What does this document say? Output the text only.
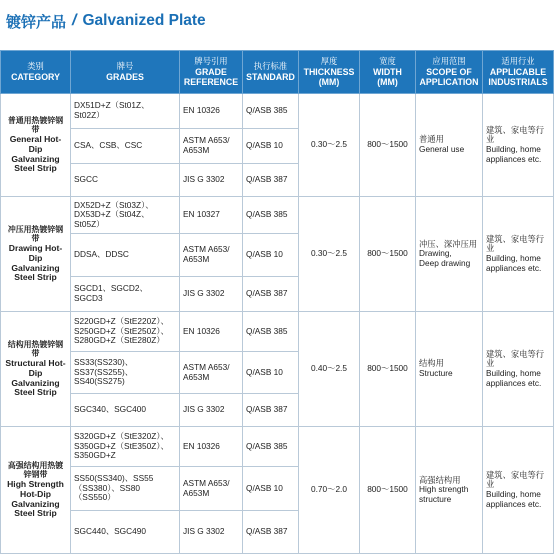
镀锌产品 / Galvanized Plate
类别
CATEGORY	牌号
GRADES	牌号引用
GRADE
REFERENCE	执行标准
STANDARD	厚度
THICKNESS
(MM)	宽度
WIDTH
(MM)	应用范围
SCOPE OF
APPLICATION	适用行业
APPLICABLE
INDUSTRIALS

普通用热镀锌钢带
General Hot-
Dip Galvanizing
Steel Strip	DX51D+Z（St01Z、
St02Z）	EN 10326	Q/ASB 385	0.30～2.5	800～1500	普通用
General use	建筑、家电等行业
Building, home
appliances etc.

	CSA、CSB、CSC	ASTM A653/
A653M	Q/ASB 10				

	SGCC	JIS G 3302	Q/ASB 387				

冲压用热镀锌钢带
Drawing Hot-
Dip Galvanizing
Steel Strip	DX52D+Z（St03Z）、
DX53D+Z（St04Z、
St05Z）	EN 10327	Q/ASB 385	0.30～2.5	800～1500	冲压、深冲压用
Drawing,
Deep drawing	建筑、家电等行业
Building, home
appliances etc.

	DDSA、DDSC	ASTM A653/
A653M	Q/ASB 10				

	SGCD1、SGCD2、SGCD3	JIS G 3302	Q/ASB 387				

结构用热镀锌钢带
Structural Hot-
Dip Galvanizing
Steel Strip	S220GD+Z（StE220Z）、
S250GD+Z（StE250Z）、
S280GD+Z（StE280Z）	EN 10326	Q/ASB 385	0.40～2.5	800～1500	结构用
Structure	建筑、家电等行业
Building, home
appliances etc.

	SS33(SS230)、
SS37(SS255)、
SS40(SS275)	ASTM A653/
A653M	Q/ASB 10				

	SGC340、SGC400	JIS G 3302	Q/ASB 387				

高强结构用热镀锌钢带
High Strength
Hot-Dip
Galvanizing
Steel Strip	S320GD+Z（StE320Z）、
S350GD+Z（StE350Z）、
S350GD+Z	EN 10326	Q/ASB 385	0.70～2.0	800～1500	高强结构用
High strength
structure	建筑、家电等行业
Building, home
appliances etc.

	SS50(SS340)、SS55
（SS380）、SS80
（SS550）	ASTM A653/
A653M	Q/ASB 10				

	SGC440、SGC490	JIS G 3302	Q/ASB 387				
